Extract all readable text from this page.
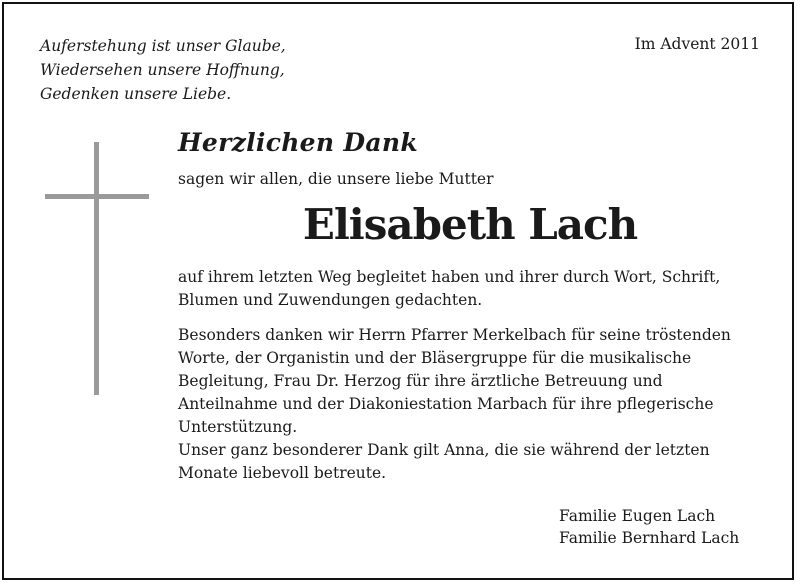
Auferstehung ist unser Glaube,
Wiedersehen unsere Hoffnung,
Gedenken unsere Liebe.
Im Advent 2011
Herzlichen Dank
sagen wir allen, die unsere liebe Mutter
Elisabeth Lach
auf ihrem letzten Weg begleitet haben und ihrer durch Wort, Schrift,
Blumen und Zuwendungen gedachten.
Besonders danken wir Herrn Pfarrer Merkelbach für seine tröstenden
Worte, der Organistin und der Bläsergruppe für die musikalische
Begleitung, Frau Dr. Herzog für ihre ärztliche Betreuung und
Anteilnahme und der Diakoniestation Marbach für ihre pflegerische
Unterstützung.
Unser ganz besonderer Dank gilt Anna, die sie während der letzten
Monate liebevoll betreute.
Familie Eugen Lach
Familie Bernhard Lach
